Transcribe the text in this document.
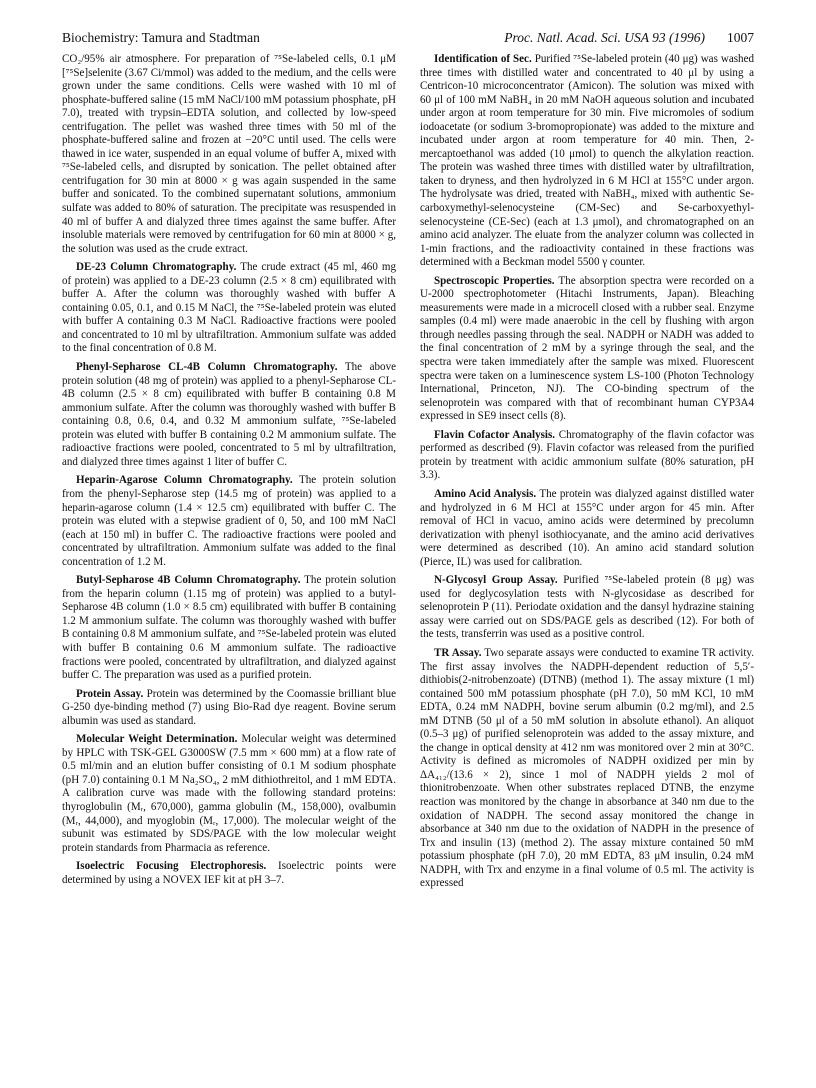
Biochemistry: Tamura and Stadtman	Proc. Natl. Acad. Sci. USA 93 (1996) 1007

CO₂/95% air atmosphere. For preparation of ⁷⁵Se-labeled cells, 0.1 μM [⁷⁵Se]selenite (3.67 Ci/mmol) was added to the medium, and the cells were grown under the same conditions. Cells were washed with 10 ml of phosphate-buffered saline (15 mM NaCl/100 mM potassium phosphate, pH 7.0), treated with trypsin–EDTA solution, and collected by low-speed centrifugation. The pellet was washed three times with 50 ml of the phosphate-buffered saline and frozen at −20°C until used. The cells were thawed in ice water, suspended in an equal volume of buffer A, mixed with ⁷⁵Se-labeled cells, and disrupted by sonication. The pellet obtained after centrifugation for 30 min at 8000 × g was again suspended in the same buffer and sonicated. To the combined supernatant solutions, ammonium sulfate was added to 80% of saturation. The precipitate was resuspended in 40 ml of buffer A and dialyzed three times against the same buffer. After insoluble materials were removed by centrifugation for 60 min at 8000 × g, the solution was used as the crude extract.

DE-23 Column Chromatography. The crude extract (45 ml, 460 mg of protein) was applied to a DE-23 column (2.5 × 8 cm) equilibrated with buffer A. After the column was thoroughly washed with buffer A containing 0.05, 0.1, and 0.15 M NaCl, the ⁷⁵Se-labeled protein was eluted with buffer A containing 0.3 M NaCl. Radioactive fractions were pooled and concentrated to 10 ml by ultrafiltration. Ammonium sulfate was added to the final concentration of 0.8 M.

Phenyl-Sepharose CL-4B Column Chromatography. The above protein solution (48 mg of protein) was applied to a phenyl-Sepharose CL-4B column (2.5 × 8 cm) equilibrated with buffer B containing 0.8 M ammonium sulfate. After the column was thoroughly washed with buffer B containing 0.8, 0.6, 0.4, and 0.32 M ammonium sulfate, ⁷⁵Se-labeled protein was eluted with buffer B containing 0.2 M ammonium sulfate. The radioactive fractions were pooled, concentrated to 5 ml by ultrafiltration, and dialyzed three times against 1 liter of buffer C.

Heparin-Agarose Column Chromatography. The protein solution from the phenyl-Sepharose step (14.5 mg of protein) was applied to a heparin-agarose column (1.4 × 12.5 cm) equilibrated with buffer C. The protein was eluted with a stepwise gradient of 0, 50, and 100 mM NaCl (each at 150 ml) in buffer C. The radioactive fractions were pooled and concentrated by ultrafiltration. Ammonium sulfate was added to the final concentration of 1.2 M.

Butyl-Sepharose 4B Column Chromatography. The protein solution from the heparin column (1.15 mg of protein) was applied to a butyl-Sepharose 4B column (1.0 × 8.5 cm) equilibrated with buffer B containing 1.2 M ammonium sulfate. The column was thoroughly washed with buffer B containing 0.8 M ammonium sulfate, and ⁷⁵Se-labeled protein was eluted with buffer B containing 0.6 M ammonium sulfate. The radioactive fractions were pooled, concentrated by ultrafiltration, and dialyzed against buffer C. The preparation was used as a purified protein.

Protein Assay. Protein was determined by the Coomassie brilliant blue G-250 dye-binding method (7) using Bio-Rad dye reagent. Bovine serum albumin was used as standard.

Molecular Weight Determination. Molecular weight was determined by HPLC with TSK-GEL G3000SW (7.5 mm × 600 mm) at a flow rate of 0.5 ml/min and an elution buffer consisting of 0.1 M sodium phosphate (pH 7.0) containing 0.1 M Na₂SO₄, 2 mM dithiothreitol, and 1 mM EDTA. A calibration curve was made with the following standard proteins: thyroglobulin (Mᵣ, 670,000), gamma globulin (Mᵣ, 158,000), ovalbumin (Mᵣ, 44,000), and myoglobin (Mᵣ, 17,000). The molecular weight of the subunit was estimated by SDS/PAGE with the low molecular weight protein standards from Pharmacia as reference.

Isoelectric Focusing Electrophoresis. Isoelectric points were determined by using a NOVEX IEF kit at pH 3–7.

Identification of Sec. Purified ⁷⁵Se-labeled protein (40 μg) was washed three times with distilled water and concentrated to 40 μl by using a Centricon-10 microconcentrator (Amicon). The solution was mixed with 60 μl of 100 mM NaBH₄ in 20 mM NaOH aqueous solution and incubated under argon at room temperature for 30 min. Five micromoles of sodium iodoacetate (or sodium 3-bromopropionate) was added to the mixture and incubated under argon at room temperature for 40 min. Then, 2-mercaptoethanol was added (10 μmol) to quench the alkylation reaction. The protein was washed three times with distilled water by ultrafiltration, taken to dryness, and then hydrolyzed in 6 M HCl at 155°C under argon. The hydrolysate was dried, treated with NaBH₄, mixed with authentic Se-carboxymethyl-selenocysteine (CM-Sec) and Se-carboxyethyl-selenocysteine (CE-Sec) (each at 1.3 μmol), and chromatographed on an amino acid analyzer. The eluate from the analyzer column was collected in 1-min fractions, and the radioactivity contained in these fractions was determined with a Beckman model 5500 γ counter.

Spectroscopic Properties. The absorption spectra were recorded on a U-2000 spectrophotometer (Hitachi Instruments, Japan). Bleaching measurements were made in a microcell closed with a rubber seal. Enzyme samples (0.4 ml) were made anaerobic in the cell by flushing with argon through needles passing through the seal. NADPH or NADH was added to the final concentration of 2 mM by a syringe through the seal, and the spectra were taken immediately after the sample was mixed. Fluorescent spectra were taken on a luminescence system LS-100 (Photon Technology International, Princeton, NJ). The CO-binding spectrum of the selenoprotein was compared with that of recombinant human CYP3A4 expressed in SE9 insect cells (8).

Flavin Cofactor Analysis. Chromatography of the flavin cofactor was performed as described (9). Flavin cofactor was released from the purified protein by treatment with acidic ammonium sulfate (80% saturation, pH 3.3).

Amino Acid Analysis. The protein was dialyzed against distilled water and hydrolyzed in 6 M HCl at 155°C under argon for 45 min. After removal of HCl in vacuo, amino acids were determined by precolumn derivatization with phenyl isothiocyanate, and the amino acid derivatives were determined as described (10). An amino acid standard solution (Pierce, IL) was used for calibration.

N-Glycosyl Group Assay. Purified ⁷⁵Se-labeled protein (8 μg) was used for deglycosylation tests with N-glycosidase as described for selenoprotein P (11). Periodate oxidation and the dansyl hydrazine staining assay were carried out on SDS/PAGE gels as described (12). For both of the tests, transferrin was used as a positive control.

TR Assay. Two separate assays were conducted to examine TR activity. The first assay involves the NADPH-dependent reduction of 5,5′-dithiobis(2-nitrobenzoate) (DTNB) (method 1). The assay mixture (1 ml) contained 500 mM potassium phosphate (pH 7.0), 50 mM KCl, 10 mM EDTA, 0.24 mM NADPH, bovine serum albumin (0.2 mg/ml), and 2.5 mM DTNB (50 μl of a 50 mM solution in absolute ethanol). An aliquot (0.5–3 μg) of purified selenoprotein was added to the assay mixture, and the change in optical density at 412 nm was monitored over 2 min at 30°C. Activity is defined as micromoles of NADPH oxidized per min by ΔA₄₁₂/(13.6 × 2), since 1 mol of NADPH yields 2 mol of thionitrobenzoate. When other substrates replaced DTNB, the enzyme reaction was monitored by the change in absorbance at 340 nm due to the oxidation of NADPH. The second assay monitored the change in absorbance at 340 nm due to the oxidation of NADPH in the presence of Trx and insulin (13) (method 2). The assay mixture contained 50 mM potassium phosphate (pH 7.0), 20 mM EDTA, 83 μM insulin, 0.24 mM NADPH, with Trx and enzyme in a final volume of 0.5 ml. The activity is expressed
